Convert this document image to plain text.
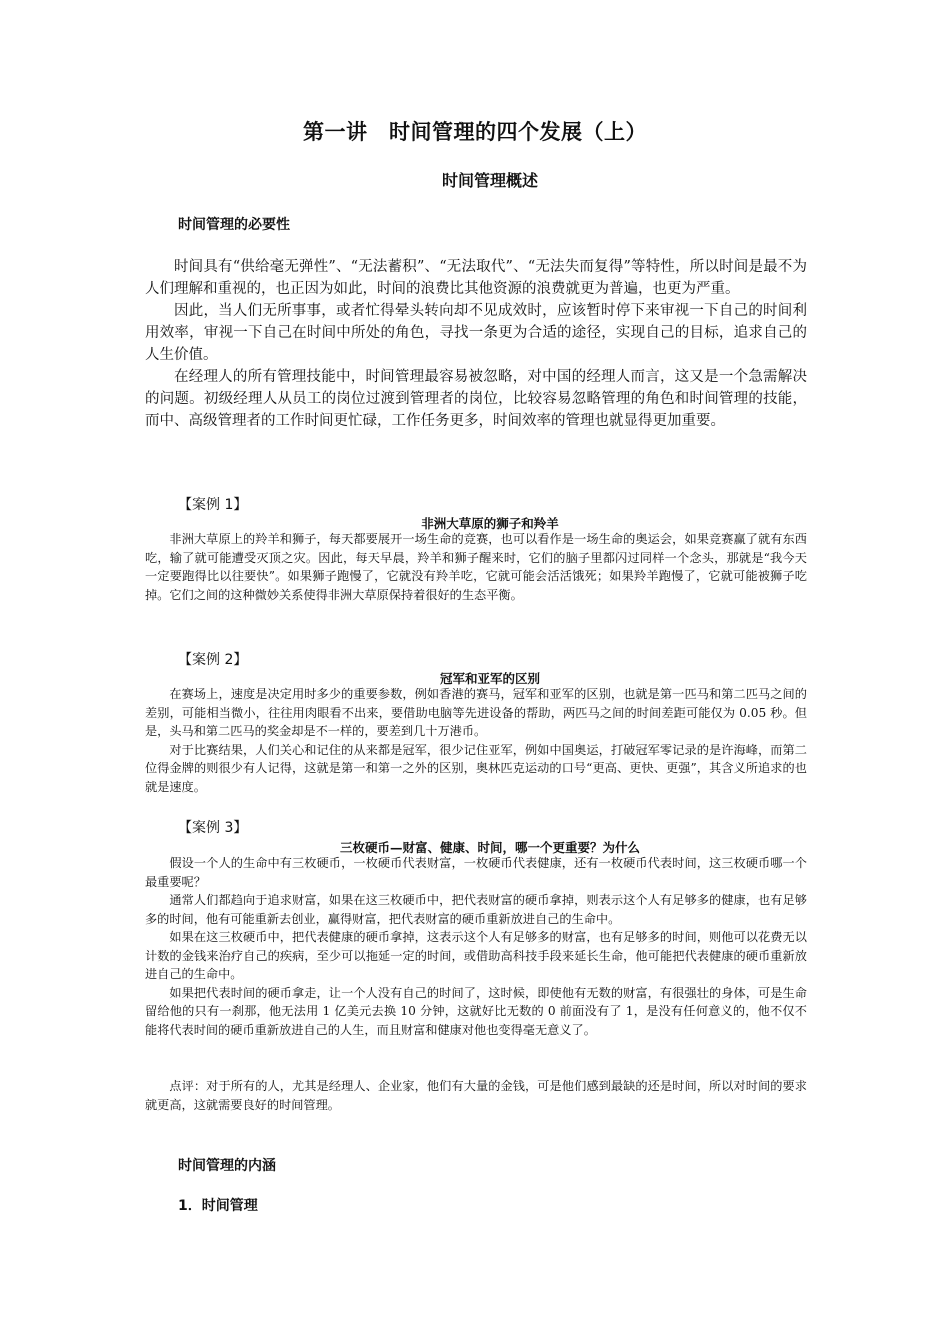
第一讲　时间管理的四个发展（上）
时间管理概述
时间管理的必要性

时间具有“供给毫无弹性”、“无法蓄积”、“无法取代”、“无法失而复得”等特性，所以时间是最不为人们理解和重视的，也正因为如此，时间的浪费比其他资源的浪费就更为普遍，也更为严重。

因此，当人们无所事事，或者忙得晕头转向却不见成效时，应该暂时停下来审视一下自己的时间利用效率，审视一下自己在时间中所处的角色，寻找一条更为合适的途径，实现自己的目标，追求自己的人生价值。

在经理人的所有管理技能中，时间管理最容易被忽略，对中国的经理人而言，这又是一个急需解决的问题。初级经理人从员工的岗位过渡到管理者的岗位，比较容易忽略管理的角色和时间管理的技能，而中、高级管理者的工作时间更忙碌，工作任务更多，时间效率的管理也就显得更加重要。

【案例 1】
非洲大草原的狮子和羚羊

非洲大草原上的羚羊和狮子，每天都要展开一场生命的竞赛，也可以看作是一场生命的奥运会，如果竞赛赢了就有东西吃，输了就可能遭受灭顶之灾。因此，每天早晨，羚羊和狮子醒来时，它们的脑子里都闪过同样一个念头，那就是“我今天一定要跑得比以往要快”。如果狮子跑慢了，它就没有羚羊吃，它就可能会活活饿死；如果羚羊跑慢了，它就可能被狮子吃掉。它们之间的这种微妙关系使得非洲大草原保持着很好的生态平衡。

【案例 2】
冠军和亚军的区别

在赛场上，速度是决定用时多少的重要参数，例如香港的赛马，冠军和亚军的区别，也就是第一匹马和第二匹马之间的差别，可能相当微小，往往用肉眼看不出来，要借助电脑等先进设备的帮助，两匹马之间的时间差距可能仅为 0.05 秒。但是，头马和第二匹马的奖金却是不一样的，要差到几十万港币。

对于比赛结果，人们关心和记住的从来都是冠军，很少记住亚军，例如中国奥运，打破冠军零记录的是许海峰，而第二位得金牌的则很少有人记得，这就是第一和第一之外的区别，奥林匹克运动的口号“更高、更快、更强”，其含义所追求的也就是速度。

【案例 3】
三枚硬币—财富、健康、时间，哪一个更重要？为什么

假设一个人的生命中有三枚硬币，一枚硬币代表财富，一枚硬币代表健康，还有一枚硬币代表时间，这三枚硬币哪一个最重要呢？

通常人们都趋向于追求财富，如果在这三枚硬币中，把代表财富的硬币拿掉，则表示这个人有足够多的健康，也有足够多的时间，他有可能重新去创业，赢得财富，把代表财富的硬币重新放进自己的生命中。

如果在这三枚硬币中，把代表健康的硬币拿掉，这表示这个人有足够多的财富，也有足够多的时间，则他可以花费无以计数的金钱来治疗自己的疾病，至少可以拖延一定的时间，或借助高科技手段来延长生命，他可能把代表健康的硬币重新放进自己的生命中。

如果把代表时间的硬币拿走，让一个人没有自己的时间了，这时候，即使他有无数的财富，有很强壮的身体，可是生命留给他的只有一刹那，他无法用 1 亿美元去换 10 分钟，这就好比无数的 0 前面没有了 1，是没有任何意义的，他不仅不能将代表时间的硬币重新放进自己的人生，而且财富和健康对他也变得毫无意义了。

点评：对于所有的人，尤其是经理人、企业家，他们有大量的金钱，可是他们感到最缺的还是时间，所以对时间的要求就更高，这就需要良好的时间管理。

时间管理的内涵
1．时间管理
